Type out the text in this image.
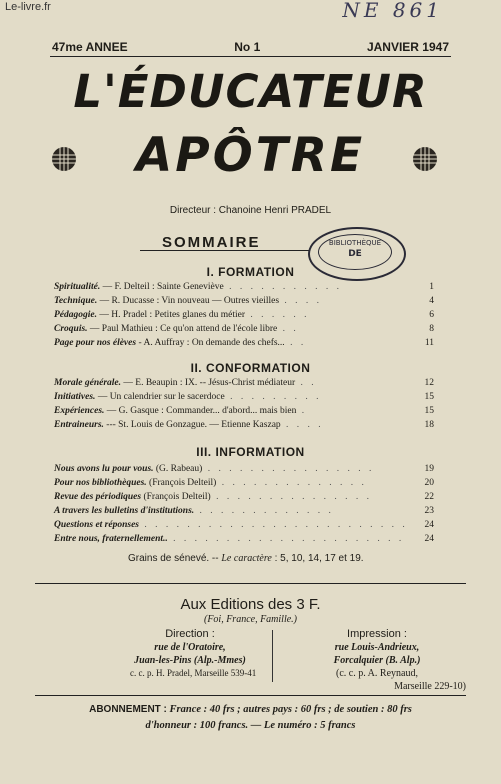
Le-livre.fr	NE 861
47me ANNEE	No 1	JANVIER 1947
L'ÉDUCATEUR
APÔTRE
Directeur : Chanoine Henri PRADEL
SOMMAIRE	BIBLIOTHÈQUE
DE
I. FORMATION
Spiritualité. — F. Delteil : Sainte Geneviève . . . . . . . . . . .	1
Technique. — R. Ducasse : Vin nouveau — Outres vieilles . . . .	4
Pédagogie. — H. Pradel : Petites glanes du métier . . . . . .	6
Croquis. — Paul Mathieu : Ce qu'on attend de l'école libre . .	8
Page pour nos élèves - A. Auffray : On demande des chefs... . .	11
II. CONFORMATION
Morale générale. — E. Beaupin : IX. -- Jésus-Christ médiateur . .	12
Initiatives. — Un calendrier sur le sacerdoce . . . . . . . . .	15
Expériences. — G. Gasque : Commander... d'abord... mais bien .	15
Entraineurs. --- St. Louis de Gonzague. — Etienne Kaszap . . . .	18
III. INFORMATION
Nous avons lu pour vous. (G. Rabeau) . . . . . . . . . . . . . . . .	19
Pour nos bibliothèques. (François Delteil) . . . . . . . . . . . . . .	20
Revue des périodiques (François Delteil) . . . . . . . . . . . . . . .	22
A travers les bulletins d'institutions. . . . . . . . . . . . . .	23
Questions et réponses . . . . . . . . . . . . . . . . . . . . . . . . . 24
Entre nous, fraternellement.. . . . . . . . . . . . . . . . . . . . . . . 24
Grains de sénevé. -- Le caractère : 5, 10, 14, 17 et 19.
Aux Editions des 3 F.
(Foi, France, Famille.)
Direction :
rue de l'Oratoire,
Juan-les-Pins (Alp.-Mmes)
c. c. p. H. Pradel, Marseille 539-41
Impression :
rue Louis-Andrieux,
Forcalquier (B. Alp.)
(c. c. p. A. Reynaud,
Marseille 229-10)
ABONNEMENT : France : 40 frs ; autres pays : 60 frs ; de soutien : 80 frs
d'honneur : 100 francs. — Le numéro : 5 francs
